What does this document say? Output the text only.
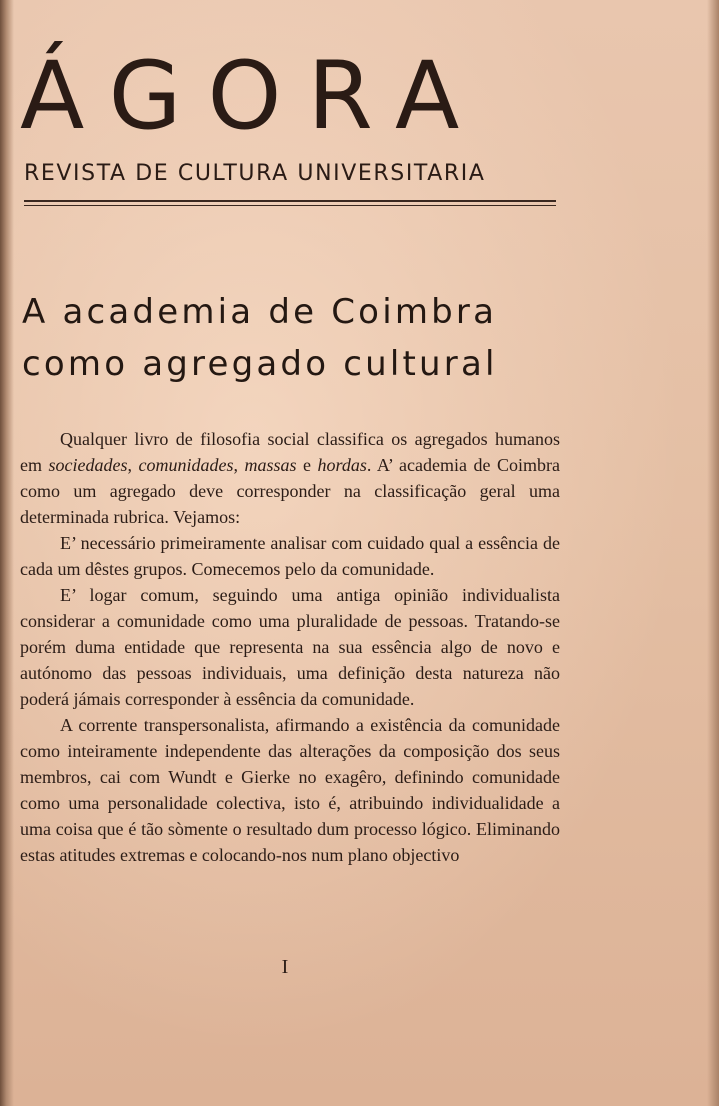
ÁGORA

REVISTA DE CULTURA UNIVERSITARIA

A academia de Coimbra
como agregado cultural

Qualquer livro de filosofia social classifica os agregados humanos em sociedades, comunidades, massas e hordas. A’ academia de Coimbra como um agregado deve corresponder na classificação geral uma determinada rubrica. Vejamos:

E’ necessário primeiramente analisar com cuidado qual a essência de cada um dêstes grupos. Comecemos pelo da comunidade.

E’ logar comum, seguindo uma antiga opinião individualista considerar a comunidade como uma pluralidade de pessoas. Tratando-se porém duma entidade que representa na sua essência algo de novo e autónomo das pessoas individuais, uma definição desta natureza não poderá jámais corresponder à essência da comunidade.

A corrente transpersonalista, afirmando a existência da comunidade como inteiramente independente das alterações da composição dos seus membros, cai com Wundt e Gierke no exagêro, definindo comunidade como uma personalidade colectiva, isto é, atribuindo individualidade a uma coisa que é tão sòmente o resultado dum processo lógico. Eliminando estas atitudes extremas e colocando-nos num plano objectivo

I
